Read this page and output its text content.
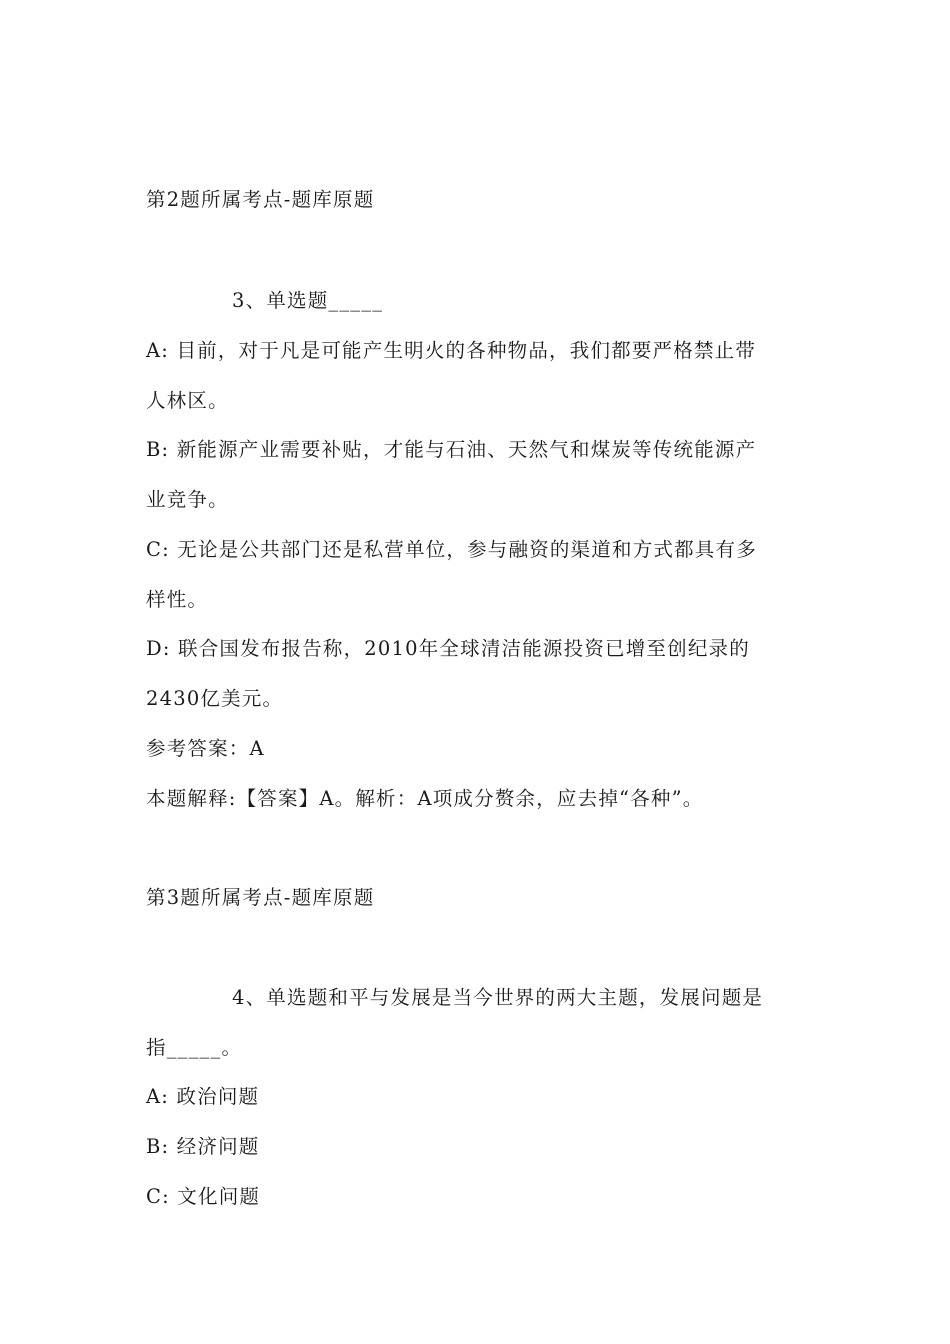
第2题所属考点-题库原题
3、单选题_____
A: 目前，对于凡是可能产生明火的各种物品，我们都要严格禁止带
人林区。
B: 新能源产业需要补贴，才能与石油、天然气和煤炭等传统能源产
业竞争。
C: 无论是公共部门还是私营单位，参与融资的渠道和方式都具有多
样性。
D: 联合国发布报告称，2010年全球清洁能源投资已增至创纪录的
2430亿美元。
参考答案：A
本题解释:【答案】A。解析：A项成分赘余，应去掉“各种”。
第3题所属考点-题库原题
4、单选题和平与发展是当今世界的两大主题，发展问题是
指_____。
A: 政治问题
B: 经济问题
C: 文化问题
